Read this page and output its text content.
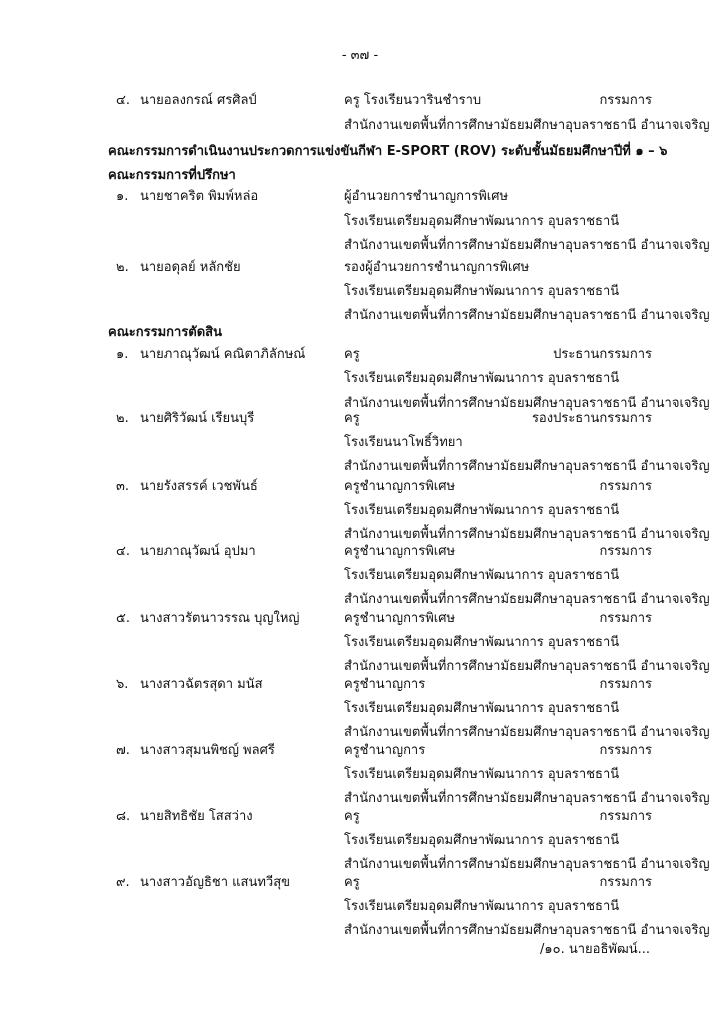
- ๓๗ -
๔. นายอลงกรณ์ ศรศิลป์	ครู โรงเรียนวารินชำราบ	กรรมการ
สำนักงานเขตพื้นที่การศึกษามัธยมศึกษาอุบลราชธานี อำนาจเจริญ
คณะกรรมการดำเนินงานประกวดการแข่งขันกีฬา E-SPORT (ROV) ระดับชั้นมัธยมศึกษาปีที่ ๑ – ๖
คณะกรรมการที่ปรึกษา
๑. นายชาคริต พิมพ์หล่อ	ผู้อำนวยการชำนาญการพิเศษ
โรงเรียนเตรียมอุดมศึกษาพัฒนาการ อุบลราชธานี
สำนักงานเขตพื้นที่การศึกษามัธยมศึกษาอุบลราชธานี อำนาจเจริญ
๒. นายอดุลย์ หลักชัย	รองผู้อำนวยการชำนาญการพิเศษ
โรงเรียนเตรียมอุดมศึกษาพัฒนาการ อุบลราชธานี
สำนักงานเขตพื้นที่การศึกษามัธยมศึกษาอุบลราชธานี อำนาจเจริญ
คณะกรรมการตัดสิน
๑. นายภาณุวัฒน์ คณิตาภิลักษณ์	ครู	ประธานกรรมการ
โรงเรียนเตรียมอุดมศึกษาพัฒนาการ อุบลราชธานี
สำนักงานเขตพื้นที่การศึกษามัธยมศึกษาอุบลราชธานี อำนาจเจริญ
๒. นายศิริวัฒน์ เรียนบุรี	ครู	รองประธานกรรมการ
โรงเรียนนาโพธิ์วิทยา
สำนักงานเขตพื้นที่การศึกษามัธยมศึกษาอุบลราชธานี อำนาจเจริญ
๓. นายรังสรรค์ เวชพันธ์	ครูชำนาญการพิเศษ	กรรมการ
โรงเรียนเตรียมอุดมศึกษาพัฒนาการ อุบลราชธานี
สำนักงานเขตพื้นที่การศึกษามัธยมศึกษาอุบลราชธานี อำนาจเจริญ
๔. นายภาณุวัฒน์ อุปมา	ครูชำนาญการพิเศษ	กรรมการ
โรงเรียนเตรียมอุดมศึกษาพัฒนาการ อุบลราชธานี
สำนักงานเขตพื้นที่การศึกษามัธยมศึกษาอุบลราชธานี อำนาจเจริญ
๕. นางสาวรัตนาวรรณ บุญใหญ่	ครูชำนาญการพิเศษ	กรรมการ
โรงเรียนเตรียมอุดมศึกษาพัฒนาการ อุบลราชธานี
สำนักงานเขตพื้นที่การศึกษามัธยมศึกษาอุบลราชธานี อำนาจเจริญ
๖. นางสาวฉัตรสุดา มนัส	ครูชำนาญการ	กรรมการ
โรงเรียนเตรียมอุดมศึกษาพัฒนาการ อุบลราชธานี
สำนักงานเขตพื้นที่การศึกษามัธยมศึกษาอุบลราชธานี อำนาจเจริญ
๗. นางสาวสุมนพิชญ์ พลศรี	ครูชำนาญการ	กรรมการ
โรงเรียนเตรียมอุดมศึกษาพัฒนาการ อุบลราชธานี
สำนักงานเขตพื้นที่การศึกษามัธยมศึกษาอุบลราชธานี อำนาจเจริญ
๘. นายสิทธิชัย โสสว่าง	ครู	กรรมการ
โรงเรียนเตรียมอุดมศึกษาพัฒนาการ อุบลราชธานี
สำนักงานเขตพื้นที่การศึกษามัธยมศึกษาอุบลราชธานี อำนาจเจริญ
๙. นางสาวอัญธิชา แสนทวีสุข	ครู	กรรมการ
โรงเรียนเตรียมอุดมศึกษาพัฒนาการ อุบลราชธานี
สำนักงานเขตพื้นที่การศึกษามัธยมศึกษาอุบลราชธานี อำนาจเจริญ
/๑๐. นายอธิพัฒน์...
